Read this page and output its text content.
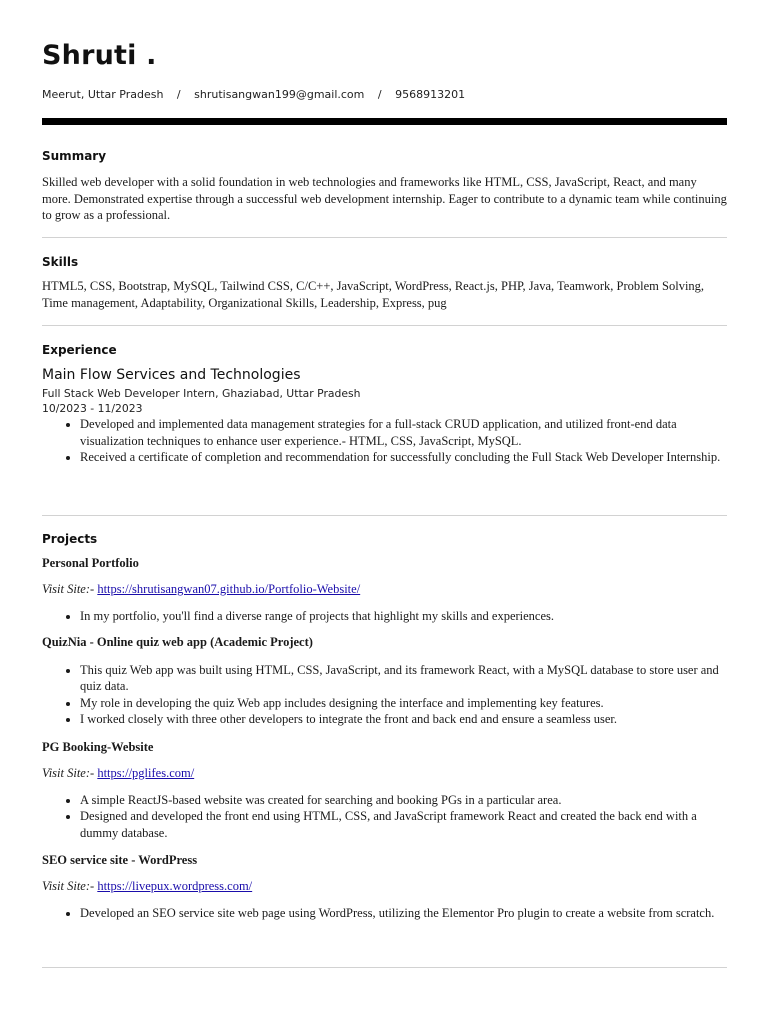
Shruti .
Meerut, Uttar Pradesh / shrutisangwan199@gmail.com / 9568913201
Summary

Skilled web developer with a solid foundation in web technologies and frameworks like HTML, CSS, JavaScript, React, and many more. Demonstrated expertise through a successful web development internship. Eager to contribute to a dynamic team while continuing to grow as a professional.

Skills

HTML5, CSS, Bootstrap, MySQL, Tailwind CSS, C/C++, JavaScript, WordPress, React.js, PHP, Java, Teamwork, Problem Solving, Time management, Adaptability, Organizational Skills, Leadership, Express, pug

Experience
Main Flow Services and Technologies
Full Stack Web Developer Intern, Ghaziabad, Uttar Pradesh
10/2023 - 11/2023
• Developed and implemented data management strategies for a full-stack CRUD application, and utilized front-end data visualization techniques to enhance user experience.- HTML, CSS, JavaScript, MySQL.
• Received a certificate of completion and recommendation for successfully concluding the Full Stack Web Developer Internship.
Projects
Personal Portfolio
Visit Site:- https://shrutisangwan07.github.io/Portfolio-Website/
• In my portfolio, you'll find a diverse range of projects that highlight my skills and experiences.
QuizNia - Online quiz web app (Academic Project)
• This quiz Web app was built using HTML, CSS, JavaScript, and its framework React, with a MySQL database to store user and quiz data.
• My role in developing the quiz Web app includes designing the interface and implementing key features.
• I worked closely with three other developers to integrate the front and back end and ensure a seamless user.
PG Booking-Website
Visit Site:- https://pglifes.com/
• A simple ReactJS-based website was created for searching and booking PGs in a particular area.
• Designed and developed the front end using HTML, CSS, and JavaScript framework React and created the back end with a dummy database.
SEO service site - WordPress
Visit Site:- https://livepux.wordpress.com/
• Developed an SEO service site web page using WordPress, utilizing the Elementor Pro plugin to create a website from scratch.
